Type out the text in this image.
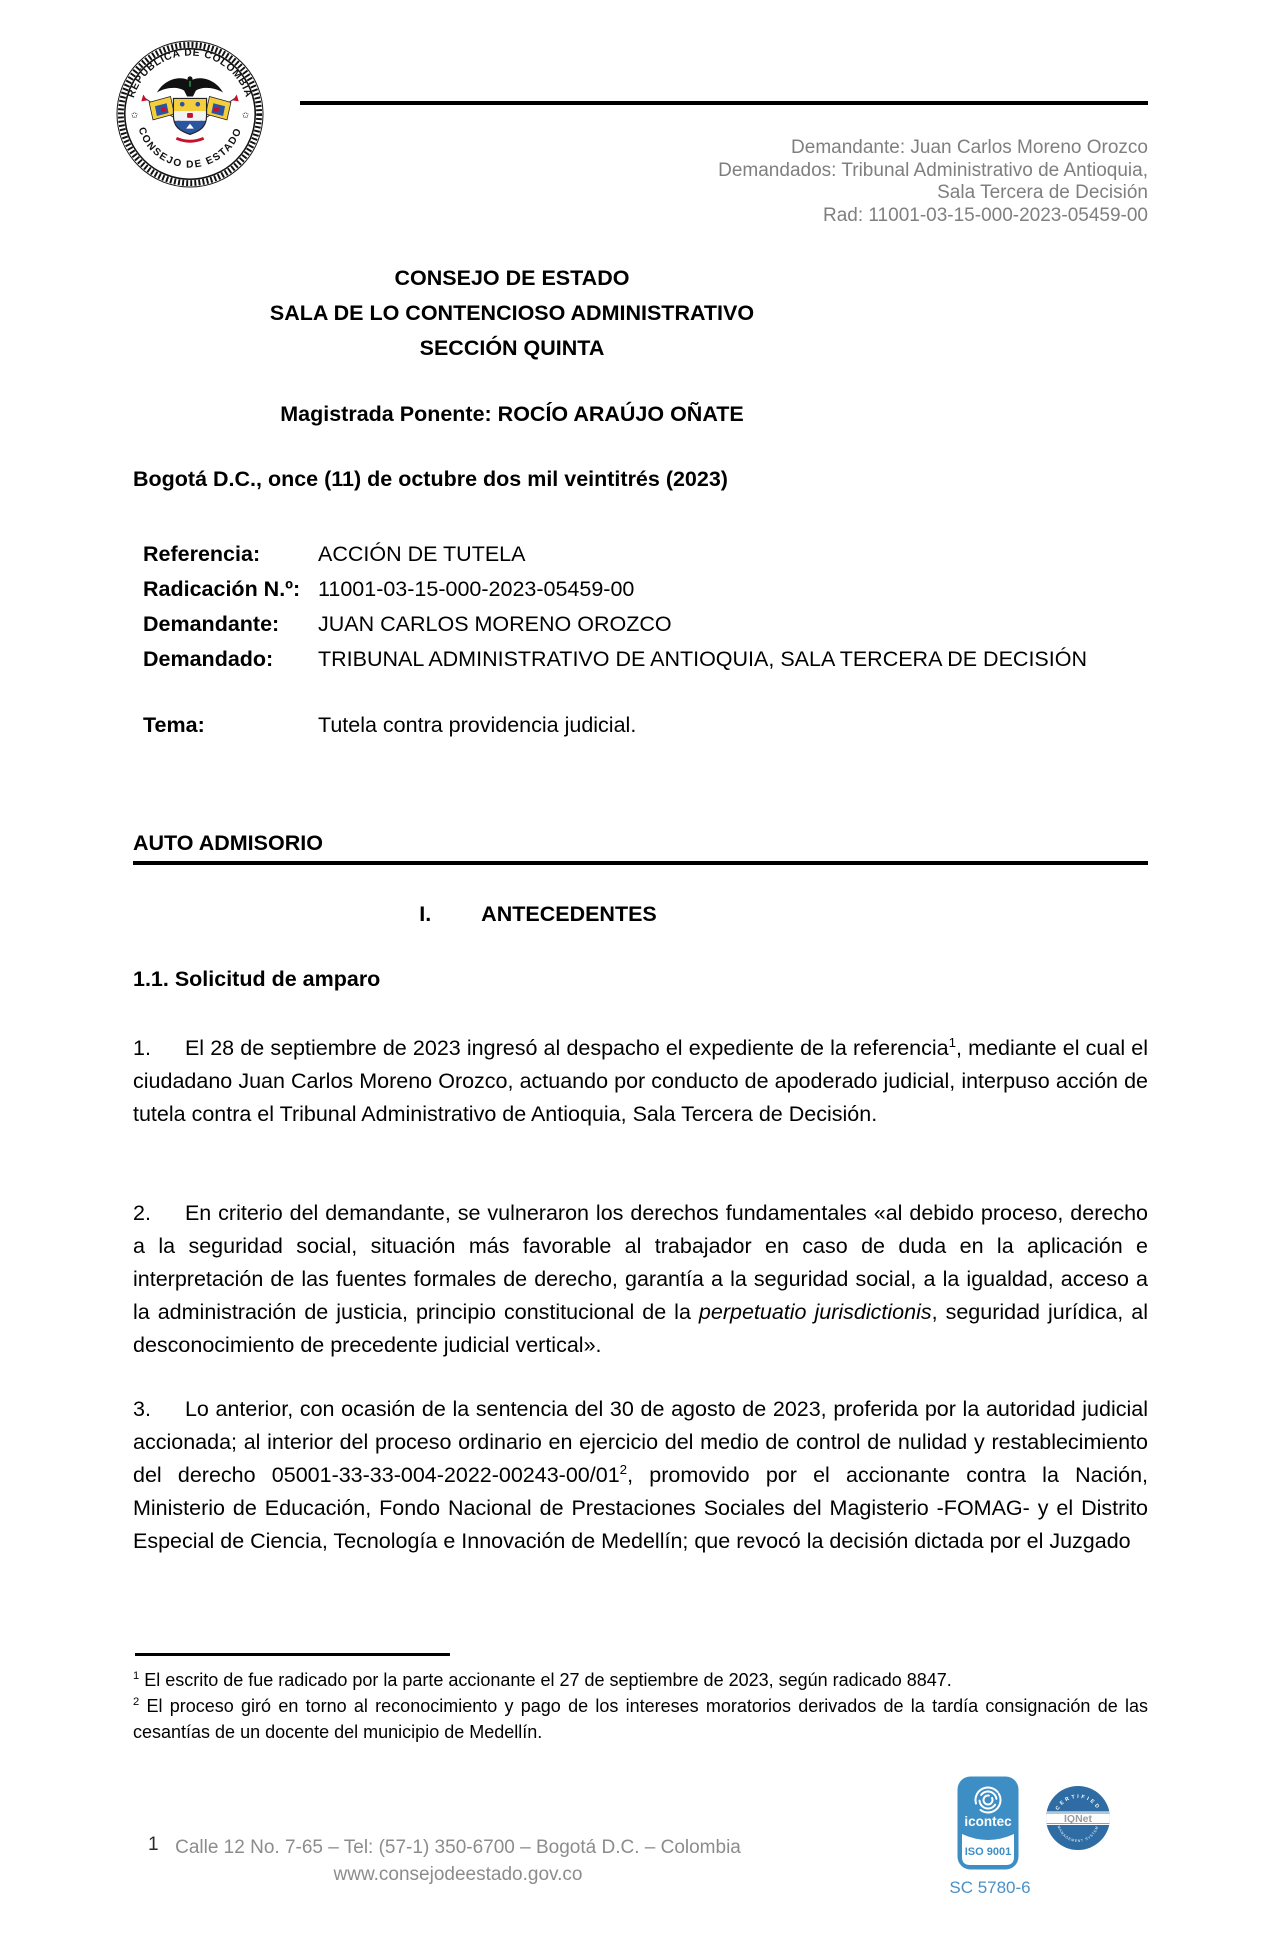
REPÚBLICA DE COLOMBIA
CONSEJO DE ESTADO
✩	✩
Demandante: Juan Carlos Moreno Orozco
Demandados: Tribunal Administrativo de Antioquia,
Sala Tercera de Decisión
Rad: 11001-03-15-000-2023-05459-00
CONSEJO DE ESTADO
SALA DE LO CONTENCIOSO ADMINISTRATIVO
SECCIÓN QUINTA
Magistrada Ponente: ROCÍO ARAÚJO OÑATE
Bogotá D.C., once (11) de octubre dos mil veintitrés (2023)
Referencia:	ACCIÓN DE TUTELA
Radicación N.º: 11001-03-15-000-2023-05459-00
Demandante:	JUAN CARLOS MORENO OROZCO
Demandado:	TRIBUNAL ADMINISTRATIVO DE ANTIOQUIA, SALA TERCERA DE DECISIÓN
Tema:	Tutela contra providencia judicial.
AUTO ADMISORIO
I. ANTECEDENTES
1.1. Solicitud de amparo
1. El 28 de septiembre de 2023 ingresó al despacho el expediente de la referencia$^1$, mediante el cual el ciudadano Juan Carlos Moreno Orozco, actuando por conducto de apoderado judicial, interpuso acción de tutela contra el Tribunal Administrativo de Antioquia, Sala Tercera de Decisión.
2. En criterio del demandante, se vulneraron los derechos fundamentales «al debido proceso, derecho a la seguridad social, situación más favorable al trabajador en caso de duda en la aplicación e interpretación de las fuentes formales de derecho, garantía a la seguridad social, a la igualdad, acceso a la administración de justicia, principio constitucional de la perpetuatio jurisdictionis, seguridad jurídica, al desconocimiento de precedente judicial vertical».
3. Lo anterior, con ocasión de la sentencia del 30 de agosto de 2023, proferida por la autoridad judicial accionada; al interior del proceso ordinario en ejercicio del medio de control de nulidad y restablecimiento del derecho 05001-33-33-004-2022-00243-00/01$^2$, promovido por el accionante contra la Nación, Ministerio de Educación, Fondo Nacional de Prestaciones Sociales del Magisterio -FOMAG- y el Distrito Especial de Ciencia, Tecnología e Innovación de Medellín; que revocó la decisión dictada por el Juzgado
$^1$ El escrito de fue radicado por la parte accionante el 27 de septiembre de 2023, según radicado 8847.
$^2$ El proceso giró en torno al reconocimiento y pago de los intereses moratorios derivados de la tardía consignación de las cesantías de un docente del municipio de Medellín.
1 Calle 12 No. 7-65 – Tel: (57-1) 350-6700 – Bogotá D.C. – Colombia
www.consejodeestado.gov.co
icontec
ISO 9001
CERTIFIED
MANAGEMENT SYSTEM
IQNet
SC 5780-6
